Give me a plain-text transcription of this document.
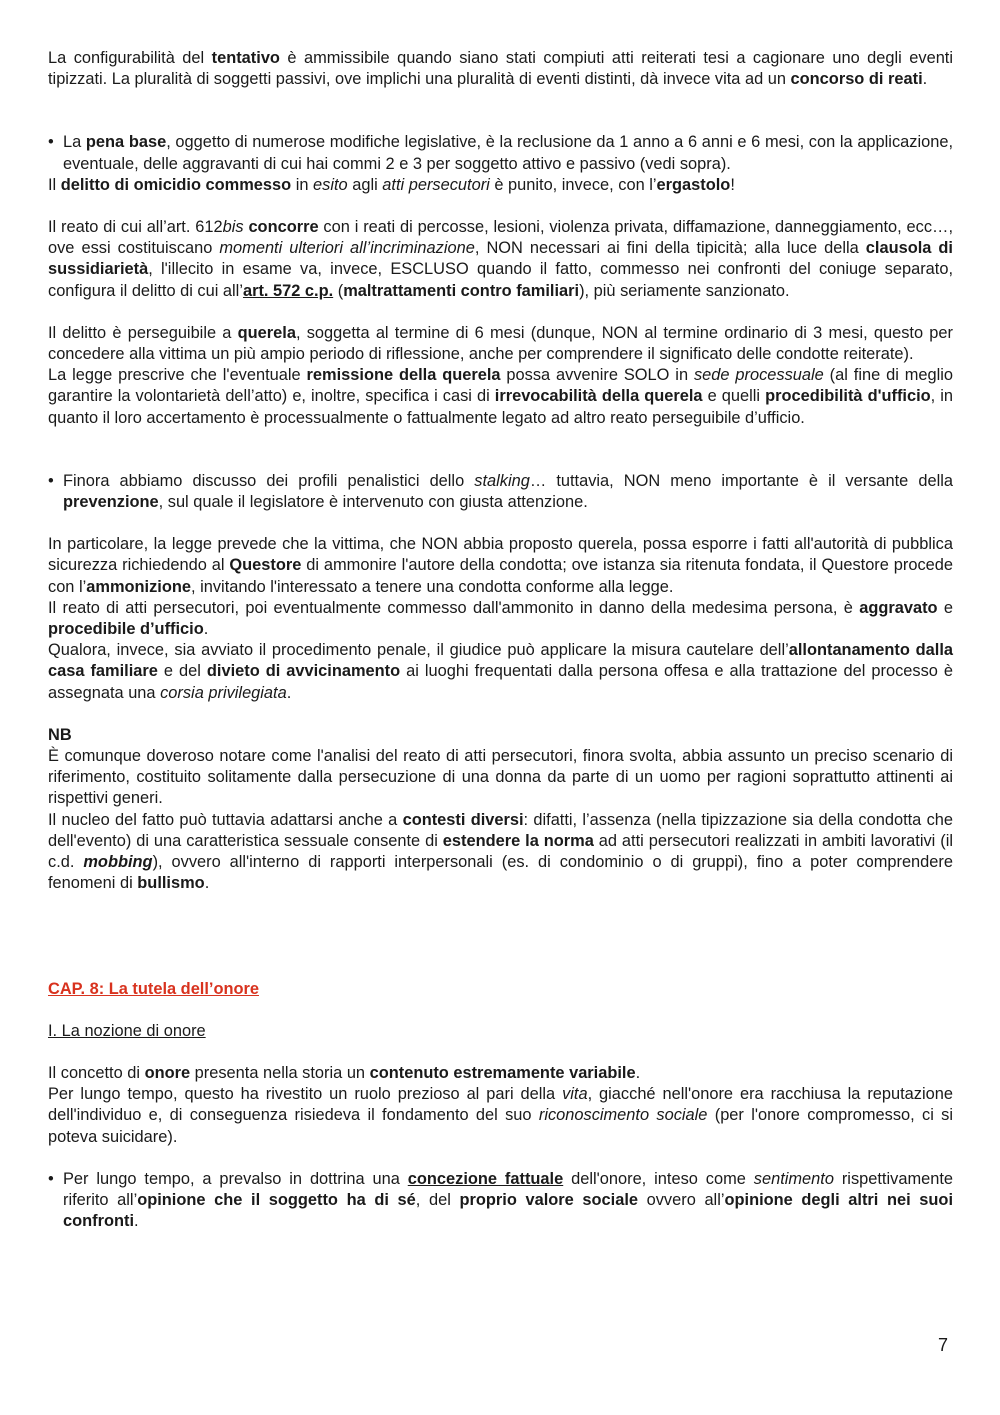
La configurabilità del tentativo è ammissibile quando siano stati compiuti atti reiterati tesi a cagionare uno degli eventi tipizzati. La pluralità di soggetti passivi, ove implichi una pluralità di eventi distinti, dà invece vita ad un concorso di reati.

• La pena base, oggetto di numerose modifiche legislative, è la reclusione da 1 anno a 6 anni e 6 mesi, con la applicazione, eventuale, delle aggravanti di cui hai commi 2 e 3 per soggetto attivo e passivo (vedi sopra).

Il delitto di omicidio commesso in esito agli atti persecutori è punito, invece, con l’ergastolo!

Il reato di cui all’art. 612bis concorre con i reati di percosse, lesioni, violenza privata, diffamazione, danneggiamento, ecc…, ove essi costituiscano momenti ulteriori all’incriminazione, NON necessari ai fini della tipicità; alla luce della clausola di sussidiarietà, l'illecito in esame va, invece, ESCLUSO quando il fatto, commesso nei confronti del coniuge separato, configura il delitto di cui all’art. 572 c.p. (maltrattamenti contro familiari), più seriamente sanzionato.

Il delitto è perseguibile a querela, soggetta al termine di 6 mesi (dunque, NON al termine ordinario di 3 mesi, questo per concedere alla vittima un più ampio periodo di riflessione, anche per comprendere il significato delle condotte reiterate).

La legge prescrive che l'eventuale remissione della querela possa avvenire SOLO in sede processuale (al fine di meglio garantire la volontarietà dell’atto) e, inoltre, specifica i casi di irrevocabilità della querela e quelli procedibilità d'ufficio, in quanto il loro accertamento è processualmente o fattualmente legato ad altro reato perseguibile d’ufficio.

• Finora abbiamo discusso dei profili penalistici dello stalking… tuttavia, NON meno importante è il versante della prevenzione, sul quale il legislatore è intervenuto con giusta attenzione.

In particolare, la legge prevede che la vittima, che NON abbia proposto querela, possa esporre i fatti all'autorità di pubblica sicurezza richiedendo al Questore di ammonire l'autore della condotta; ove istanza sia ritenuta fondata, il Questore procede con l’ammonizione, invitando l'interessato a tenere una condotta conforme alla legge.

Il reato di atti persecutori, poi eventualmente commesso dall'ammonito in danno della medesima persona, è aggravato e procedibile d’ufficio.

Qualora, invece, sia avviato il procedimento penale, il giudice può applicare la misura cautelare dell’allontanamento dalla casa familiare e del divieto di avvicinamento ai luoghi frequentati dalla persona offesa e alla trattazione del processo è assegnata una corsia privilegiata.

NB

È comunque doveroso notare come l'analisi del reato di atti persecutori, finora svolta, abbia assunto un preciso scenario di riferimento, costituito solitamente dalla persecuzione di una donna da parte di un uomo per ragioni soprattutto attinenti ai rispettivi generi.

Il nucleo del fatto può tuttavia adattarsi anche a contesti diversi: difatti, l’assenza (nella tipizzazione sia della condotta che dell'evento) di una caratteristica sessuale consente di estendere la norma ad atti persecutori realizzati in ambiti lavorativi (il c.d. mobbing), ovvero all'interno di rapporti interpersonali (es. di condominio o di gruppi), fino a poter comprendere fenomeni di bullismo.

CAP. 8: La tutela dell’onore

I. La nozione di onore

Il concetto di onore presenta nella storia un contenuto estremamente variabile.

Per lungo tempo, questo ha rivestito un ruolo prezioso al pari della vita, giacché nell'onore era racchiusa la reputazione dell'individuo e, di conseguenza risiedeva il fondamento del suo riconoscimento sociale (per l'onore compromesso, ci si poteva suicidare).

• Per lungo tempo, a prevalso in dottrina una concezione fattuale dell'onore, inteso come sentimento rispettivamente riferito all’opinione che il soggetto ha di sé, del proprio valore sociale ovvero all’opinione degli altri nei suoi confronti.

7
